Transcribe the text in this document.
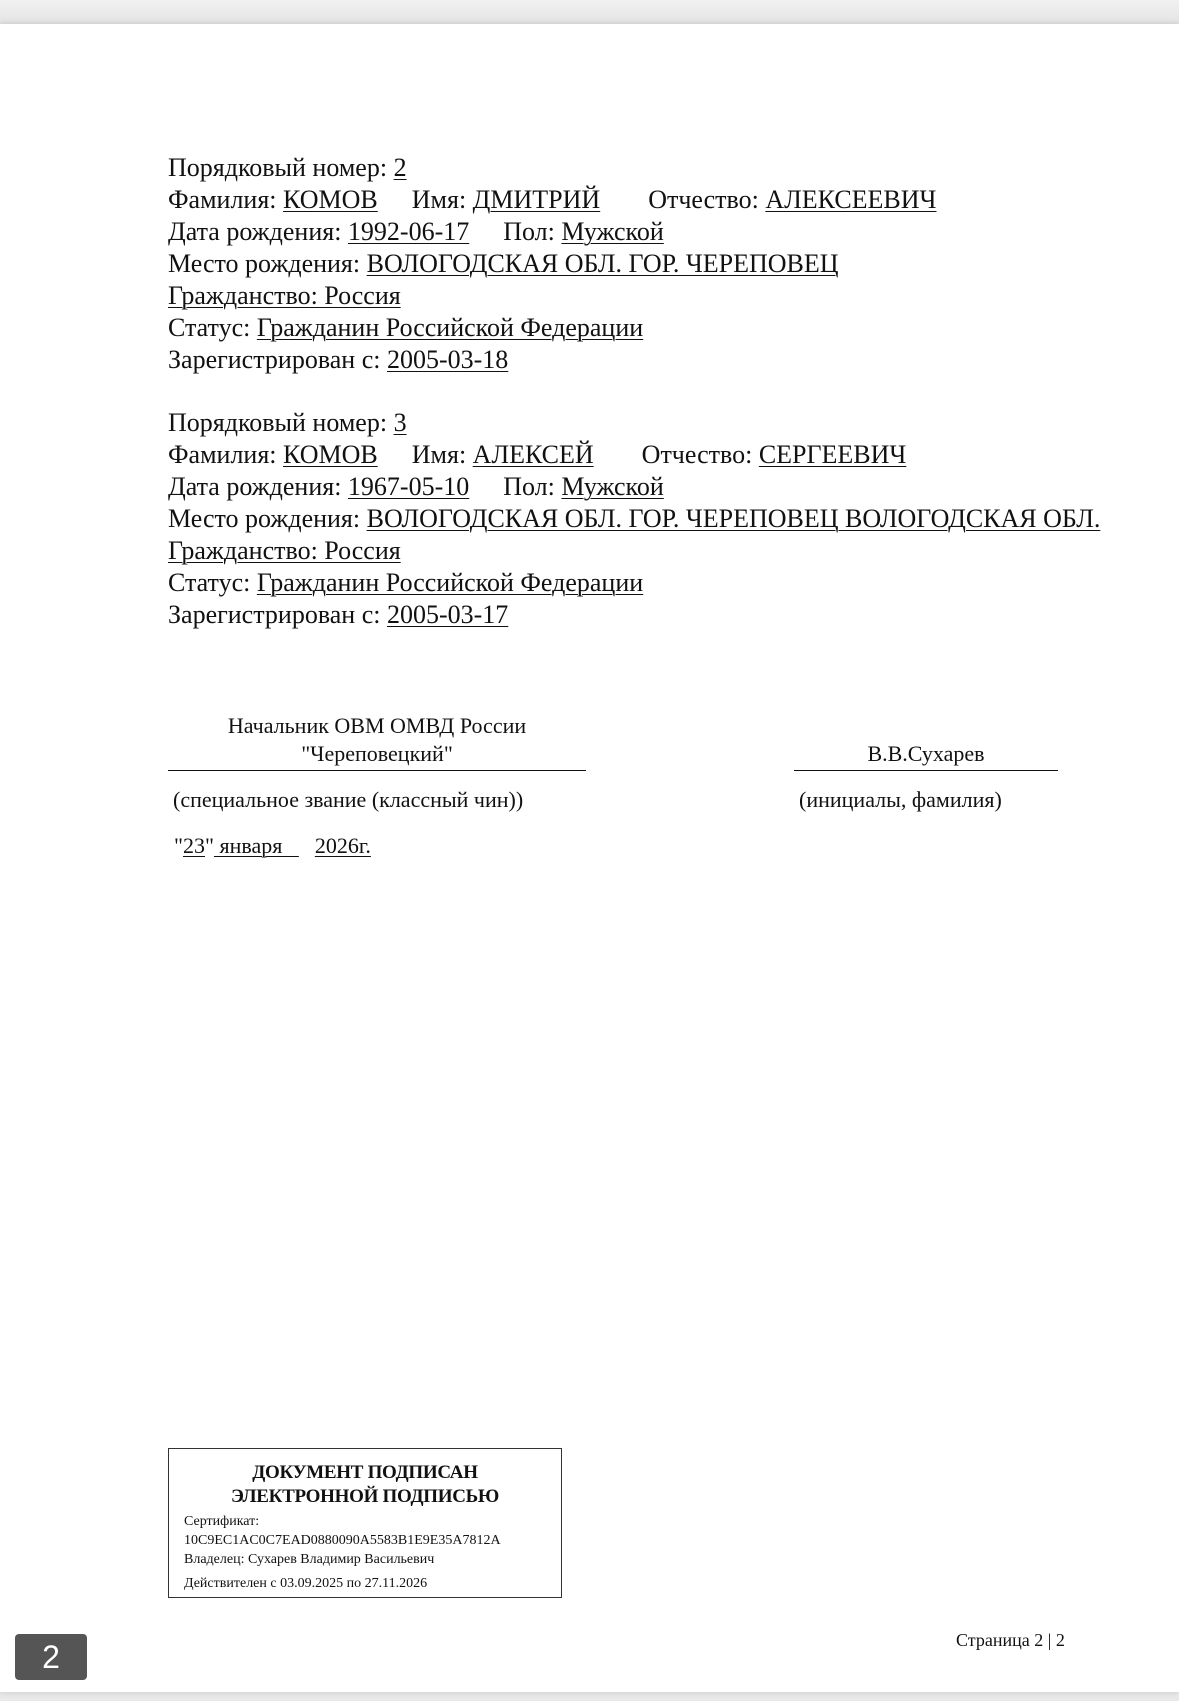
Порядковый номер: 2
Фамилия: КОМОВ Имя: ДМИТРИЙ Отчество: АЛЕКСЕЕВИЧ
Дата рождения: 1992-06-17 Пол: Мужской
Место рождения: ВОЛОГОДСКАЯ ОБЛ. ГОР. ЧЕРЕПОВЕЦ
Гражданство: Россия
Статус: Гражданин Российской Федерации
Зарегистрирован с: 2005-03-18
Порядковый номер: 3
Фамилия: КОМОВ Имя: АЛЕКСЕЙ Отчество: СЕРГЕЕВИЧ
Дата рождения: 1967-05-10 Пол: Мужской
Место рождения: ВОЛОГОДСКАЯ ОБЛ. ГОР. ЧЕРЕПОВЕЦ ВОЛОГОДСКАЯ ОБЛ.
Гражданство: Россия
Статус: Гражданин Российской Федерации
Зарегистрирован с: 2005-03-17
Начальник ОВМ ОМВД России
"Череповецкий"	В.В.Сухарев
(специальное звание (классный чин))	(инициалы, фамилия)
"23" января   2026г.
ДОКУМЕНТ ПОДПИСАН
ЭЛЕКТРОННОЙ ПОДПИСЬЮ
Сертификат:
10C9EC1AC0C7EAD0880090A5583B1E9E35A7812A
Владелец: Сухарев Владимир Васильевич
Действителен с 03.09.2025 по 27.11.2026
Страница 2 | 2
2
